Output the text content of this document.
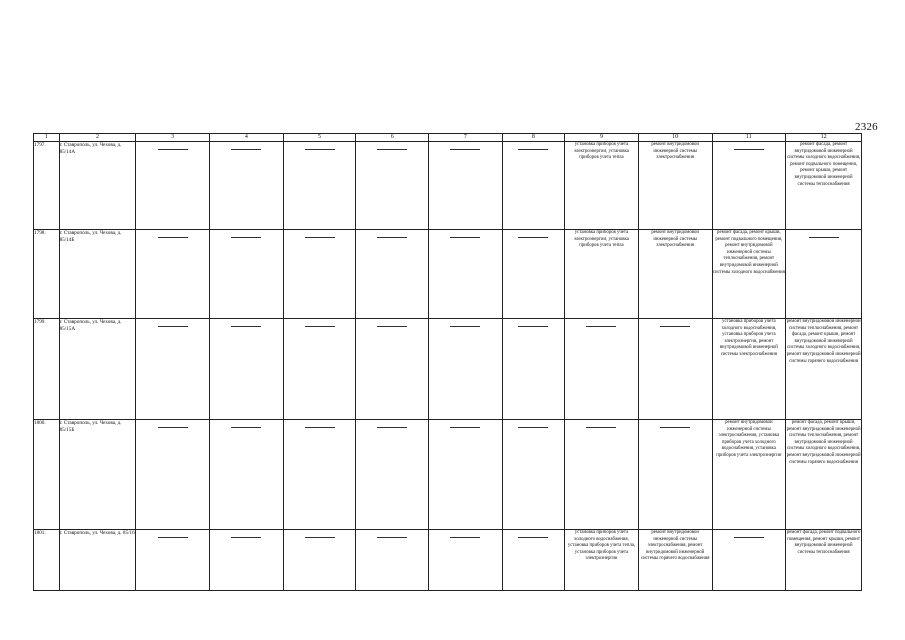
2326
1	2	3	4	5	6	7	8	9	10	11	12
1797.	г. Ставрополь, ул. Чехова, д. 85/14А							установка приборов учета электроэнергии, установка приборов учета тепла	ремонт внутридомовой инженерной системы электроснабжения		ремонт фасада, ремонт внутридомовой инженерной системы холодного водоснабжения, ремонт подвального помещения, ремонт крыши, ремонт внутридомовой инженерной системы теплоснабжения
1798.	г. Ставрополь, ул. Чехова, д. 85/14Б							установка приборов учета электроэнергии, установка приборов учета тепла	ремонт внутридомовой инженерной системы электроснабжения	ремонт фасада, ремонт крыши, ремонт подвального помещения, ремонт внутридомовой инженерной системы теплоснабжения, ремонт внутридомовой инженерной системы холодного водоснабжения	

1799.	г. Ставрополь, ул. Чехова, д. 85/15А									установка приборов учета холодного водоснабжения, установка приборов учета электроэнергии, ремонт внутридомовой инженерной системы электроснабжения	ремонт внутридомовой инженерной системы теплоснабжения, ремонт фасада, ремонт крыши, ремонт внутридомовой инженерной системы холодного водоснабжения, ремонт внутридомовой инженерной системы горячего водоснабжения
1800.	г. Ставрополь, ул. Чехова, д. 85/15Б									ремонт внутридомовой инженерной системы электроснабжения, установка приборов учета холодного водоснабжения, установка приборов учета электроэнергии	ремонт фасада, ремонт крыши, ремонт внутридомовой инженерной системы теплоснабжения, ремонт внутридомовой инженерной системы холодного водоснабжения, ремонт внутридомовой инженерной системы горячего водоснабжения
1801.	г. Ставрополь, ул. Чехова, д. 85/16							установка приборов учета холодного водоснабжения, установка приборов учета тепла, установка приборов учета электроэнергии	ремонт внутридомовой инженерной системы электроснабжения, ремонт внутридомовой инженерной системы горячего водоснабжения		ремонт фасада, ремонт подвального помещения, ремонт крыши, ремонт внутридомовой инженерной системы теплоснабжения
